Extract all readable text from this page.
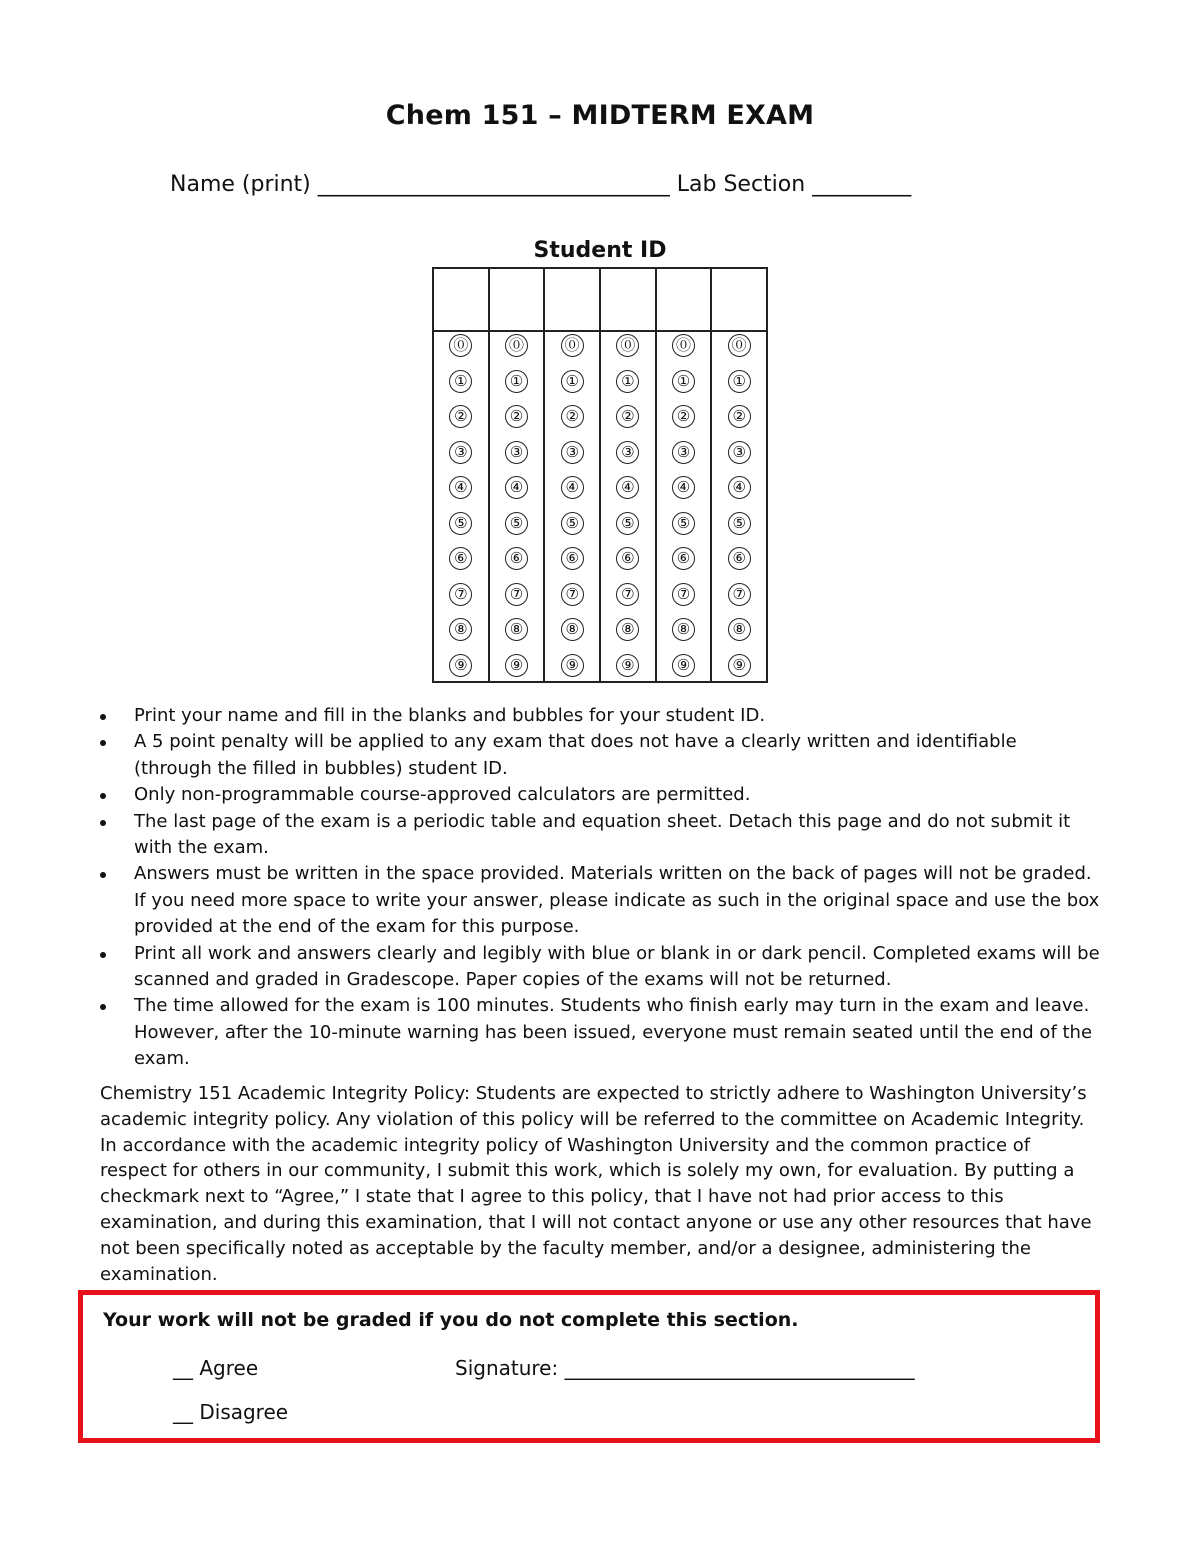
Chem 151 – MIDTERM EXAM
Name (print) ________________________________ Lab Section _________
Student ID
⓪
①
②
③
④
⑤
⑥
⑦
⑧
⑨
⓪
①
②
③
④
⑤
⑥
⑦
⑧
⑨
⓪
①
②
③
④
⑤
⑥
⑦
⑧
⑨
⓪
①
②
③
④
⑤
⑥
⑦
⑧
⑨
⓪
①
②
③
④
⑤
⑥
⑦
⑧
⑨
⓪
①
②
③
④
⑤
⑥
⑦
⑧
⑨
Print your name and fill in the blanks and bubbles for your student ID.
A 5 point penalty will be applied to any exam that does not have a clearly written and identifiable (through the filled in bubbles) student ID.
Only non-programmable course-approved calculators are permitted.
The last page of the exam is a periodic table and equation sheet. Detach this page and do not submit it with the exam.
Answers must be written in the space provided. Materials written on the back of pages will not be graded. If you need more space to write your answer, please indicate as such in the original space and use the box provided at the end of the exam for this purpose.
Print all work and answers clearly and legibly with blue or blank in or dark pencil. Completed exams will be scanned and graded in Gradescope. Paper copies of the exams will not be returned.
The time allowed for the exam is 100 minutes. Students who finish early may turn in the exam and leave. However, after the 10-minute warning has been issued, everyone must remain seated until the end of the exam.
Chemistry 151 Academic Integrity Policy: Students are expected to strictly adhere to Washington University’s academic integrity policy. Any violation of this policy will be referred to the committee on Academic Integrity. In accordance with the academic integrity policy of Washington University and the common practice of respect for others in our community, I submit this work, which is solely my own, for evaluation. By putting a checkmark next to “Agree,” I state that I agree to this policy, that I have not had prior access to this examination, and during this examination, that I will not contact anyone or use any other resources that have not been specifically noted as acceptable by the faculty member, and/or a designee, administering the examination.
Your work will not be graded if you do not complete this section.
__ Agree	Signature: ___________________________________
__ Disagree
